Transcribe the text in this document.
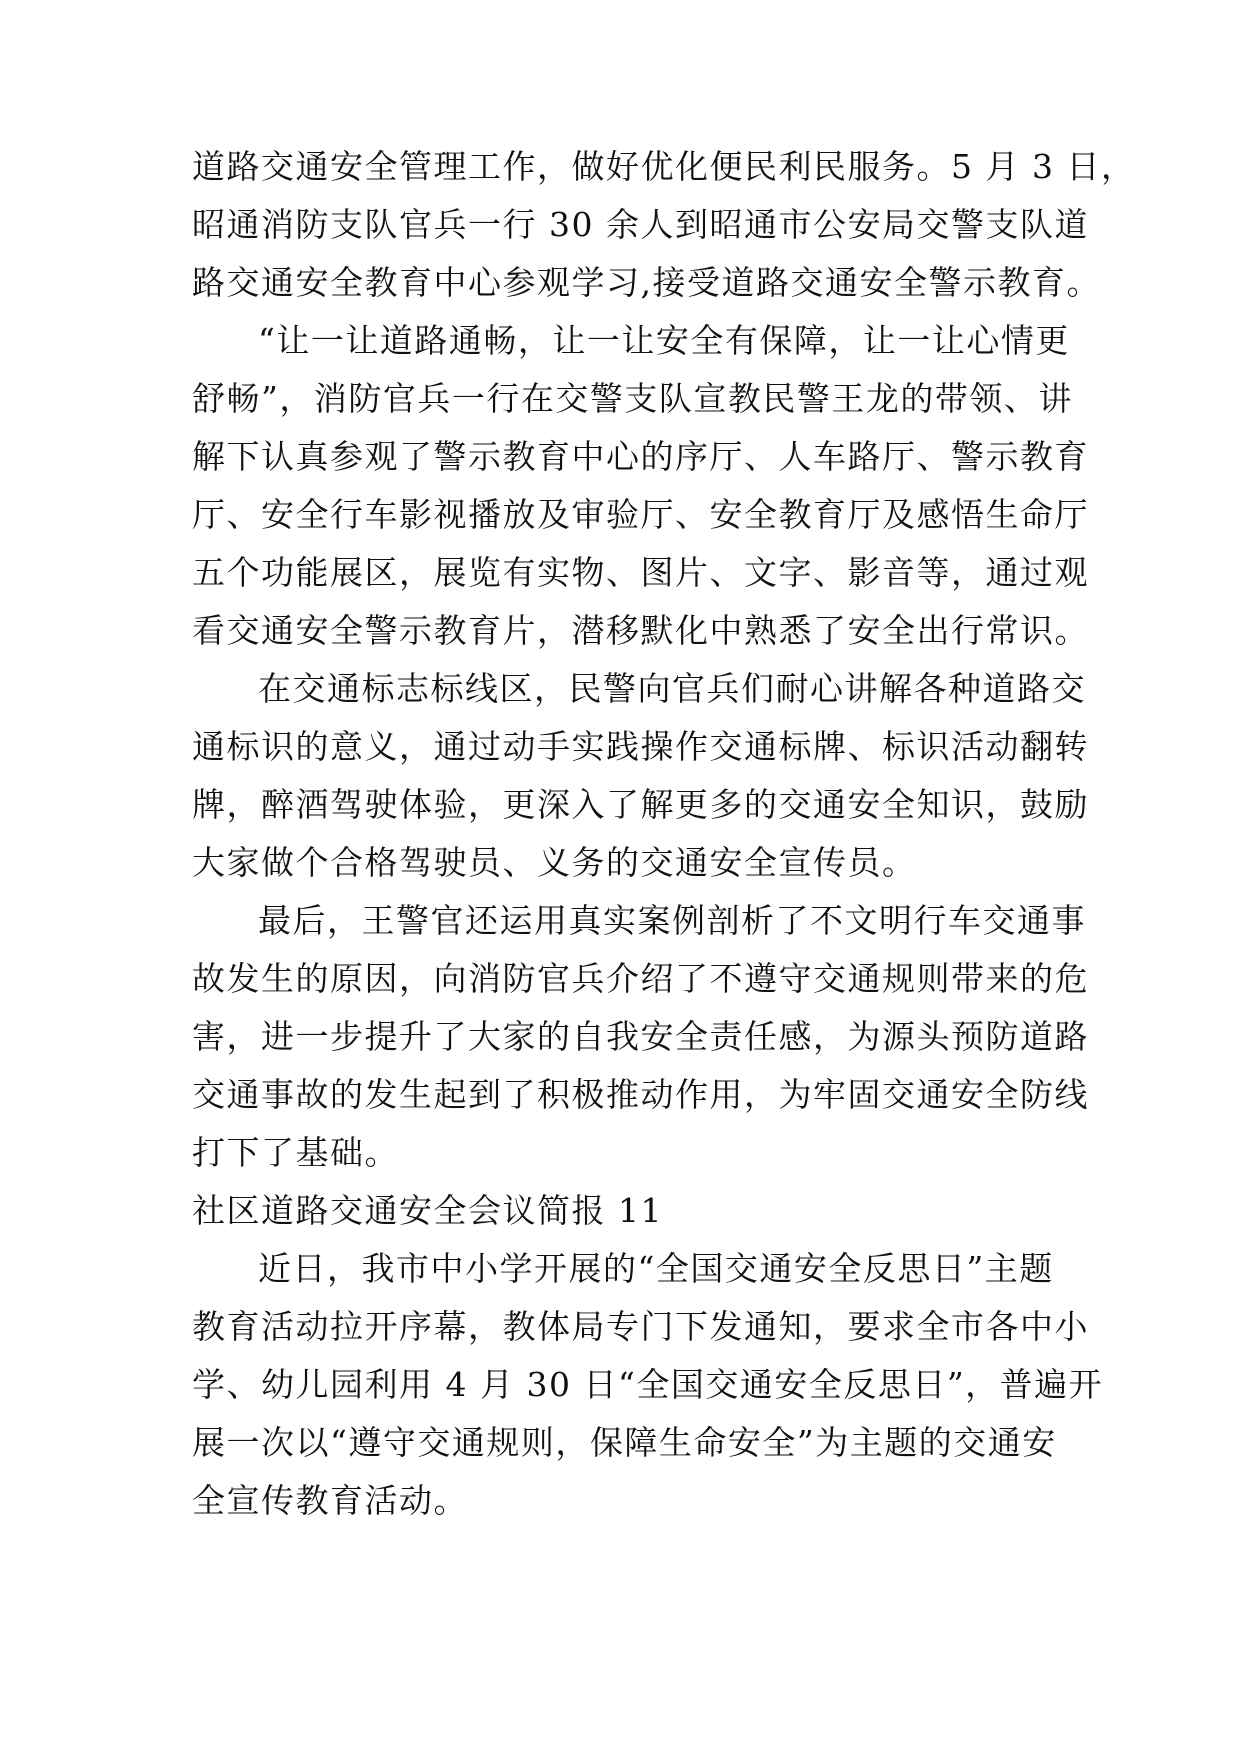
道路交通安全管理工作，做好优化便民利民服务。5 月 3 日，
昭通消防支队官兵一行 30 余人到昭通市公安局交警支队道
路交通安全教育中心参观学习,接受道路交通安全警示教育。
“让一让道路通畅，让一让安全有保障，让一让心情更
舒畅”，消防官兵一行在交警支队宣教民警王龙的带领、讲
解下认真参观了警示教育中心的序厅、人车路厅、警示教育
厅、安全行车影视播放及审验厅、安全教育厅及感悟生命厅
五个功能展区，展览有实物、图片、文字、影音等，通过观
看交通安全警示教育片，潜移默化中熟悉了安全出行常识。
在交通标志标线区，民警向官兵们耐心讲解各种道路交
通标识的意义，通过动手实践操作交通标牌、标识活动翻转
牌，醉酒驾驶体验，更深入了解更多的交通安全知识，鼓励
大家做个合格驾驶员、义务的交通安全宣传员。
最后，王警官还运用真实案例剖析了不文明行车交通事
故发生的原因，向消防官兵介绍了不遵守交通规则带来的危
害，进一步提升了大家的自我安全责任感，为源头预防道路
交通事故的发生起到了积极推动作用，为牢固交通安全防线
打下了基础。
社区道路交通安全会议简报 11
近日，我市中小学开展的“全国交通安全反思日”主题
教育活动拉开序幕，教体局专门下发通知，要求全市各中小
学、幼儿园利用 4 月 30 日“全国交通安全反思日”，普遍开
展一次以“遵守交通规则，保障生命安全”为主题的交通安
全宣传教育活动。
